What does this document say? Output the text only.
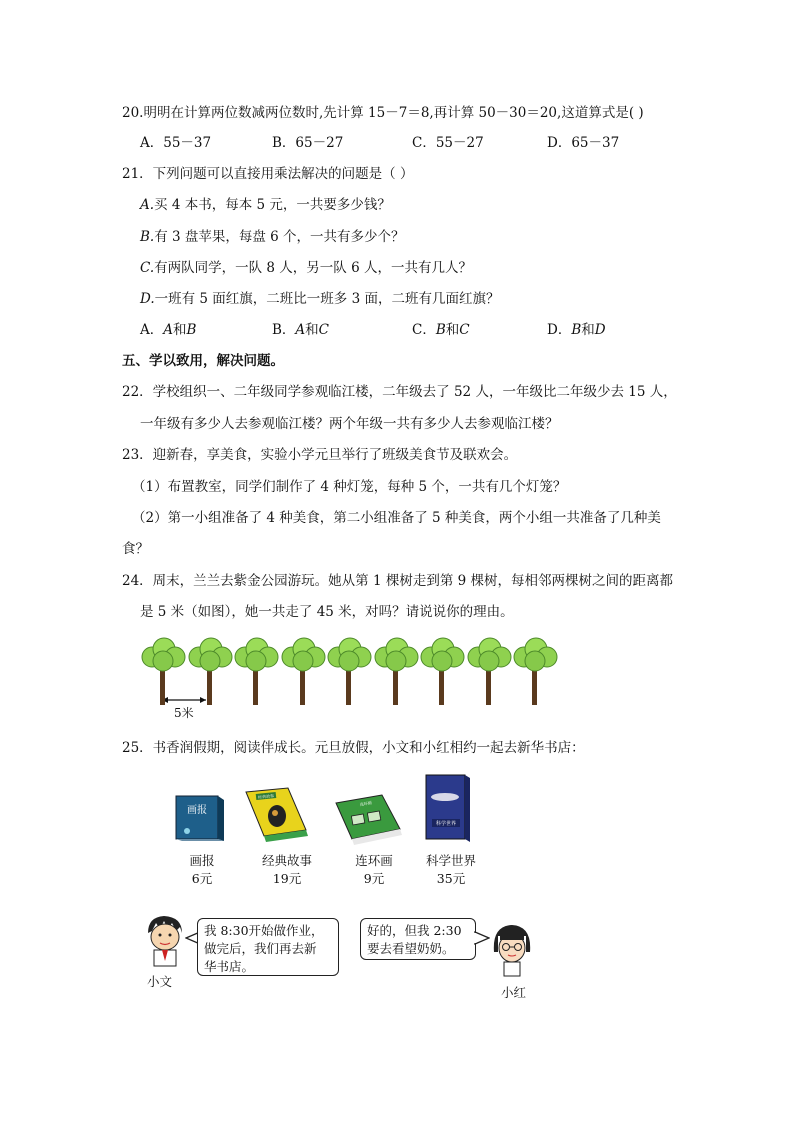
20.明明在计算两位数减两位数时,先计算 15－7＝8,再计算 50－30＝20,这道算式是( )
A．55－37	B．65－27	C．55－27	D．65－37
21．下列问题可以直接用乘法解决的问题是（ ）
A.买 4 本书，每本 5 元，一共要多少钱？
B.有 3 盘苹果，每盘 6 个，一共有多少个？
C.有两队同学，一队 8 人，另一队 6 人，一共有几人？
D.一班有 5 面红旗，二班比一班多 3 面，二班有几面红旗？
A．A和B	B．A和C	C．B和C	D．B和D
五、学以致用，解决问题。
22．学校组织一、二年级同学参观临江楼，二年级去了 52 人，一年级比二年级少去 15 人，
一年级有多少人去参观临江楼？两个年级一共有多少人去参观临江楼？
23．迎新春，享美食，实验小学元旦举行了班级美食节及联欢会。
（1）布置教室，同学们制作了 4 种灯笼，每种 5 个，一共有几个灯笼？
（2）第一小组准备了 4 种美食，第二小组准备了 5 种美食，两个小组一共准备了几种美
食？
24．周末，兰兰去紫金公园游玩。她从第 1 棵树走到第 9 棵树，每相邻两棵树之间的距离都
是 5 米（如图），她一共走了 45 米，对吗？请说说你的理由。
5米
25．书香润假期，阅读伴成长。元旦放假，小文和小红相约一起去新华书店：
画报
经典故事
连环画
科学世界
画报
6元
经典故事
19元
连环画
9元
科学世界
35元
小文
我 8:30开始做作业，
做完后，我们再去新
华书店。
好的，但我 2:30
要去看望奶奶。
小红
